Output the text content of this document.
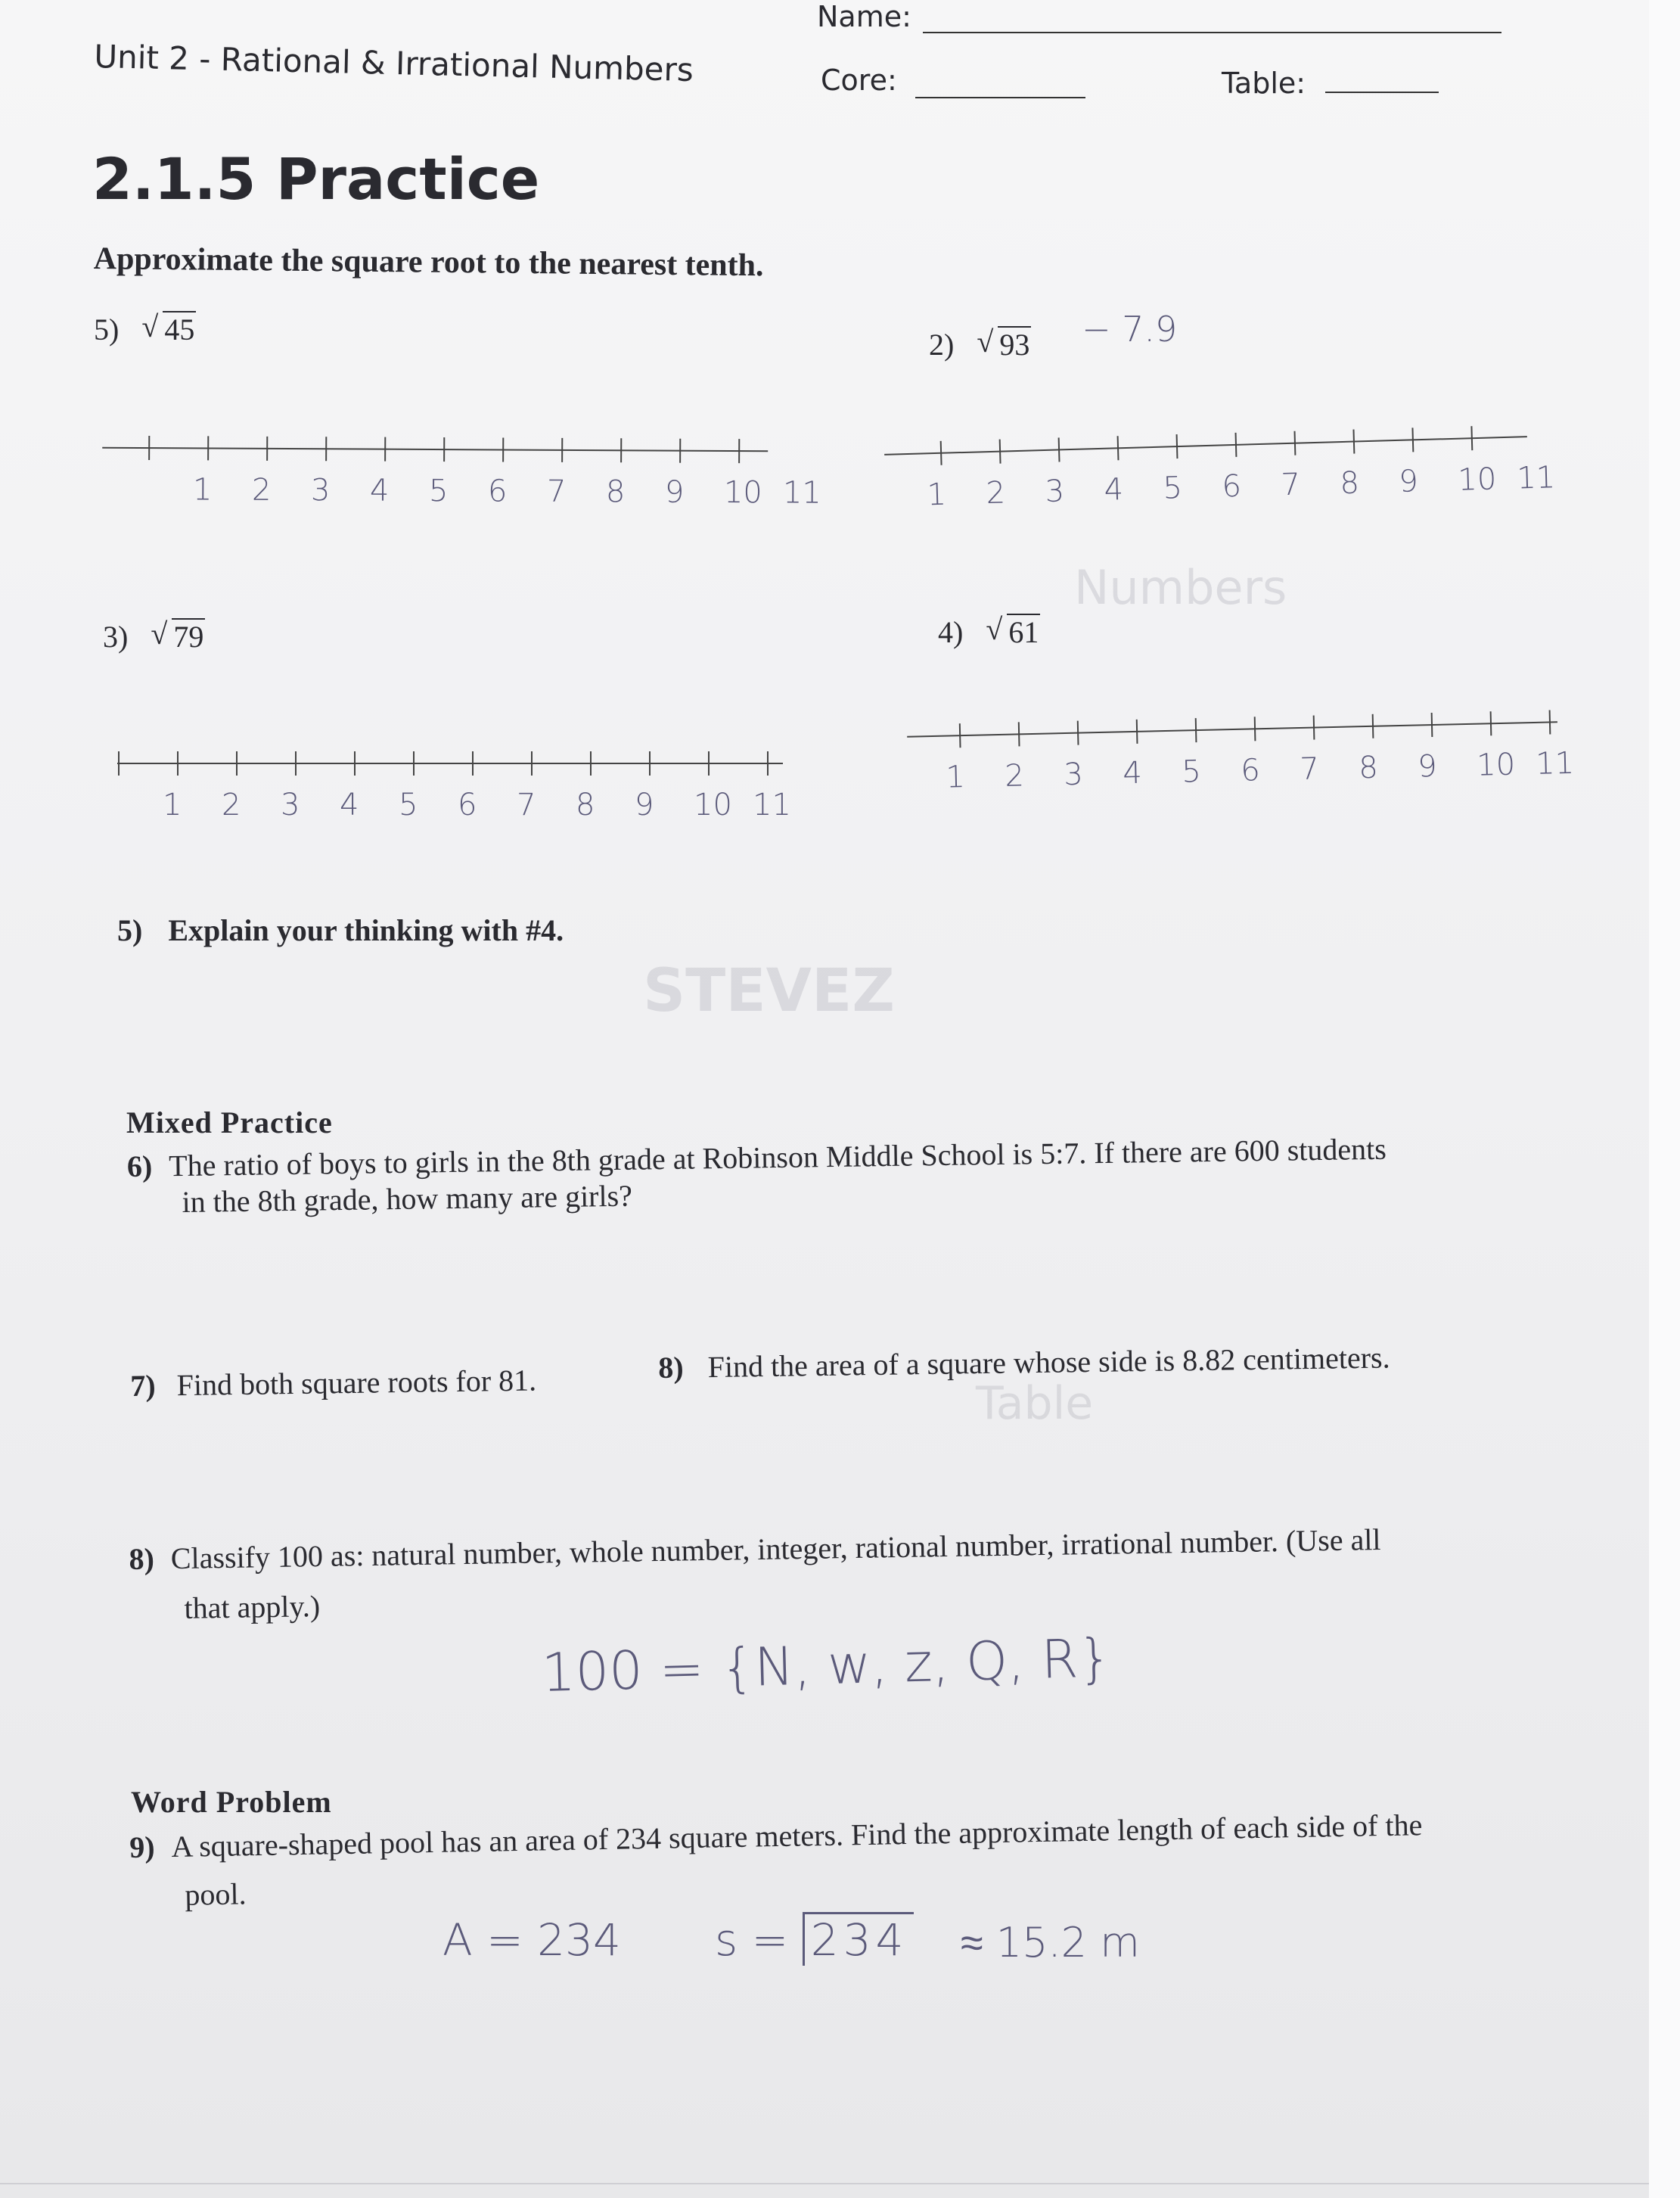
Numbers
STEVEZ
Table
Name:
Unit 2 - Rational & Irrational Numbers	Core:	Table:
2.1.5 Practice
Approximate the square root to the nearest tenth.
5) √ 45	2) √ 93 − 7.9
3) √ 79	4) √ 61
1 2 3 4 5 6 7 8 9 10 11	1 2 3 4 5 6 7 8 9 10 11
1 2 3 4 5 6 7 8 9 10 11
1 2 3 4 5 6 7 8 9 10 11
5) Explain your thinking with #4.
Mixed Practice
6) The ratio of boys to girls in the 8th grade at Robinson Middle School is 5:7. If there are 600 students
in the 8th grade, how many are girls?
7) Find both square roots for 81.	8) Find the area of a square whose side is 8.82 centimeters.
8) Classify 100 as: natural number, whole number, integer, rational number, irrational number. (Use all
that apply.)
100 = {N, w, z, Q, R}
Word Problem
9) A square-shaped pool has an area of 234 square meters. Find the approximate length of each side of the
pool.
A = 234 s = 234 ≈ 15.2 m
